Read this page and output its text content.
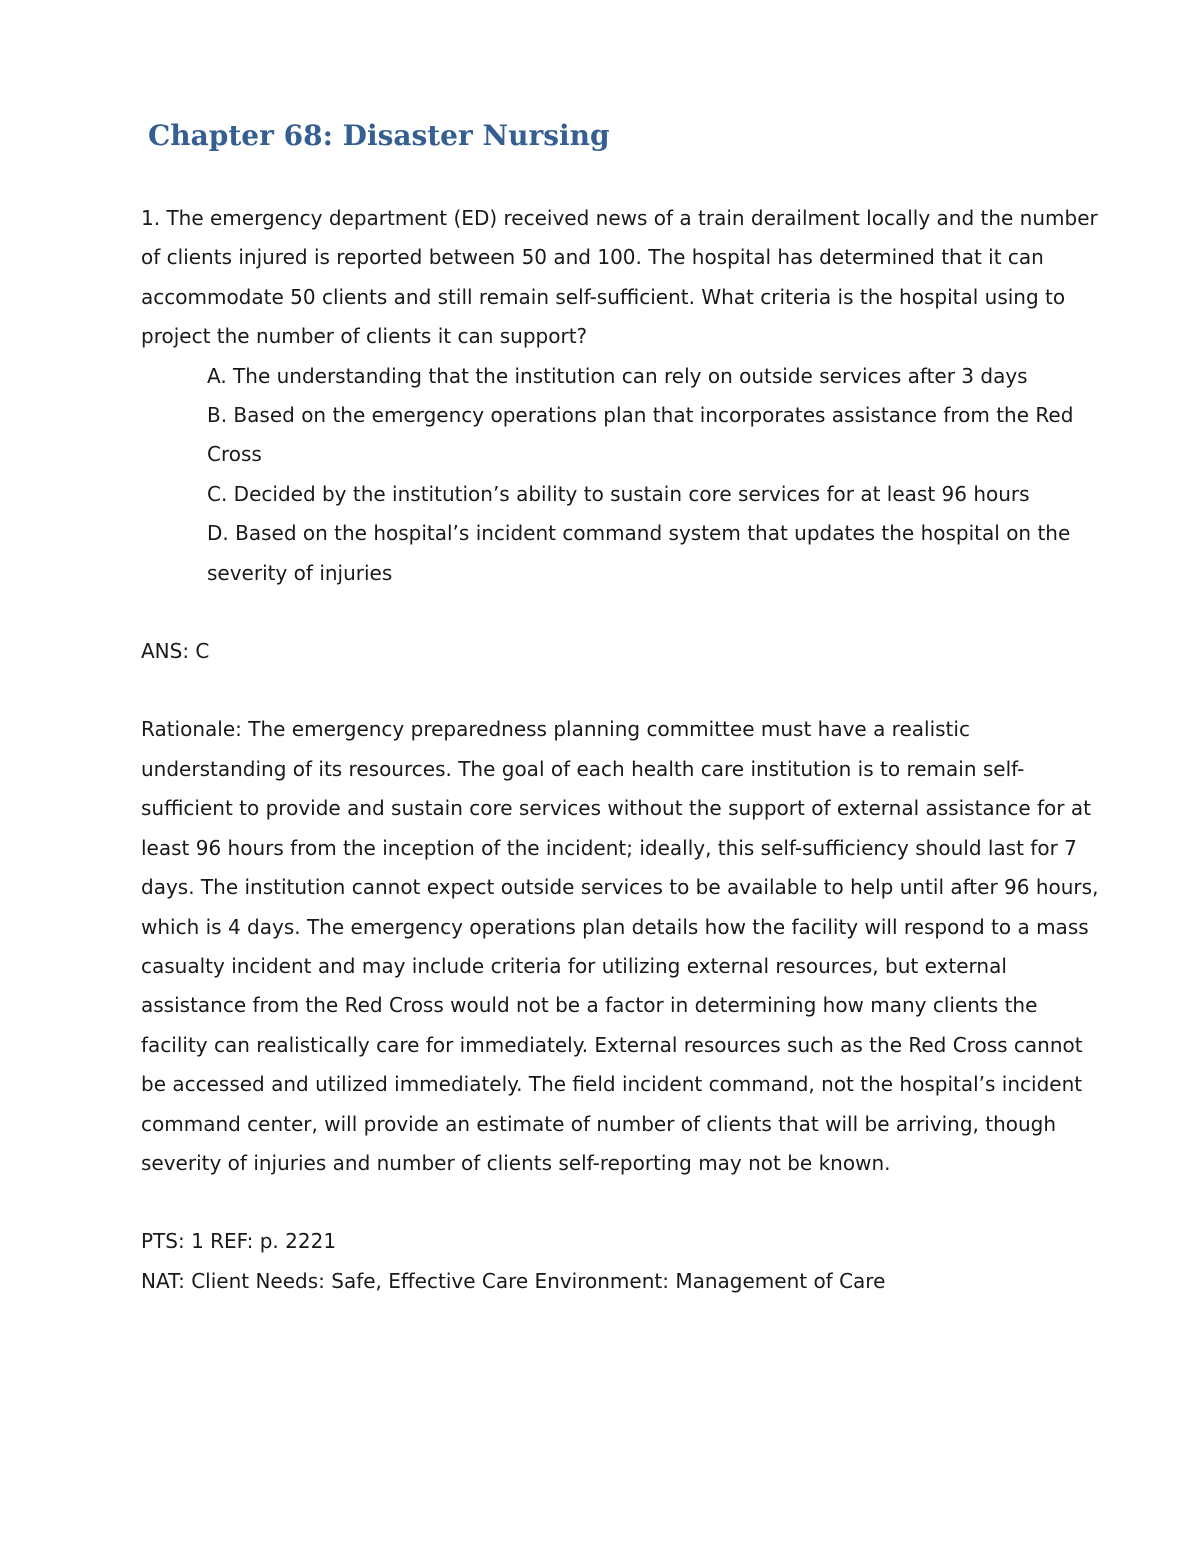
Chapter 68: Disaster Nursing

1. The emergency department (ED) received news of a train derailment locally and the number of clients injured is reported between 50 and 100. The hospital has determined that it can accommodate 50 clients and still remain self-sufficient. What criteria is the hospital using to project the number of clients it can support?

A. The understanding that the institution can rely on outside services after 3 days
B. Based on the emergency operations plan that incorporates assistance from the Red Cross
C. Decided by the institution’s ability to sustain core services for at least 96 hours
D. Based on the hospital’s incident command system that updates the hospital on the severity of injuries

ANS: C

Rationale: The emergency preparedness planning committee must have a realistic understanding of its resources. The goal of each health care institution is to remain self-sufficient to provide and sustain core services without the support of external assistance for at least 96 hours from the inception of the incident; ideally, this self-sufficiency should last for 7 days. The institution cannot expect outside services to be available to help until after 96 hours, which is 4 days. The emergency operations plan details how the facility will respond to a mass casualty incident and may include criteria for utilizing external resources, but external assistance from the Red Cross would not be a factor in determining how many clients the facility can realistically care for immediately. External resources such as the Red Cross cannot be accessed and utilized immediately. The field incident command, not the hospital’s incident command center, will provide an estimate of number of clients that will be arriving, though severity of injuries and number of clients self-reporting may not be known.

PTS: 1 REF: p. 2221

NAT: Client Needs: Safe, Effective Care Environment: Management of Care
